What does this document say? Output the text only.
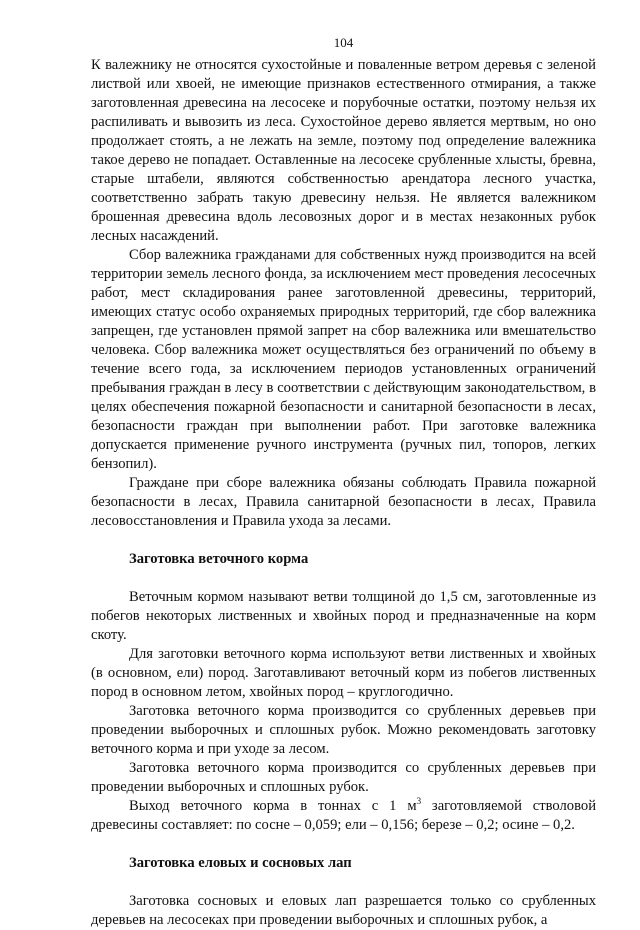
104

К валежнику не относятся сухостойные и поваленные ветром деревья с зеленой листвой или хвоей, не имеющие признаков естественного отмирания, а также заготовленная древесина на лесосеке и порубочные остатки, поэтому нельзя их распиливать и вывозить из леса. Сухостойное дерево является мертвым, но оно продолжает стоять, а не лежать на земле, поэтому под определение валежника такое дерево не попадает. Оставленные на лесосеке срубленные хлысты, бревна, старые штабели, являются собственностью арендатора лесного участка, соответственно забрать такую древесину нельзя. Не является валежником брошенная древесина вдоль лесовозных дорог и в местах незаконных рубок лесных насаждений.

Сбор валежника гражданами для собственных нужд производится на всей территории земель лесного фонда, за исключением мест проведения лесосечных работ, мест складирования ранее заготовленной древесины, территорий, имеющих статус особо охраняемых природных территорий, где сбор валежника запрещен, где установлен прямой запрет на сбор валежника или вмешательство человека. Сбор валежника может осуществляться без ограничений по объему в течение всего года, за исключением периодов установленных ограничений пребывания граждан в лесу в соответствии с действующим законодательством, в целях обеспечения пожарной безопасности и санитарной безопасности в лесах, безопасности граждан при выполнении работ. При заготовке валежника допускается применение ручного инструмента (ручных пил, топоров, легких бензопил).

Граждане при сборе валежника обязаны соблюдать Правила пожарной безопасности в лесах, Правила санитарной безопасности в лесах, Правила лесовосстановления и Правила ухода за лесами.

Заготовка веточного корма

Веточным кормом называют ветви толщиной до 1,5 см, заготовленные из побегов некоторых лиственных и хвойных пород и предназначенные на корм скоту.

Для заготовки веточного корма используют ветви лиственных и хвойных (в основном, ели) пород. Заготавливают веточный корм из побегов лиственных пород в основном летом, хвойных пород – круглогодично.

Заготовка веточного корма производится со срубленных деревьев при проведении выборочных и сплошных рубок. Можно рекомендовать заготовку веточного корма и при уходе за лесом.

Заготовка веточного корма производится со срубленных деревьев при проведении выборочных и сплошных рубок.

Выход веточного корма в тоннах с 1 $м^3$ заготовляемой стволовой древесины составляет: по сосне – 0,059; ели – 0,156; березе – 0,2; осине – 0,2.

Заготовка еловых и сосновых лап

Заготовка сосновых и еловых лап разрешается только со срубленных деревьев на лесосеках при проведении выборочных и сплошных рубок, а
